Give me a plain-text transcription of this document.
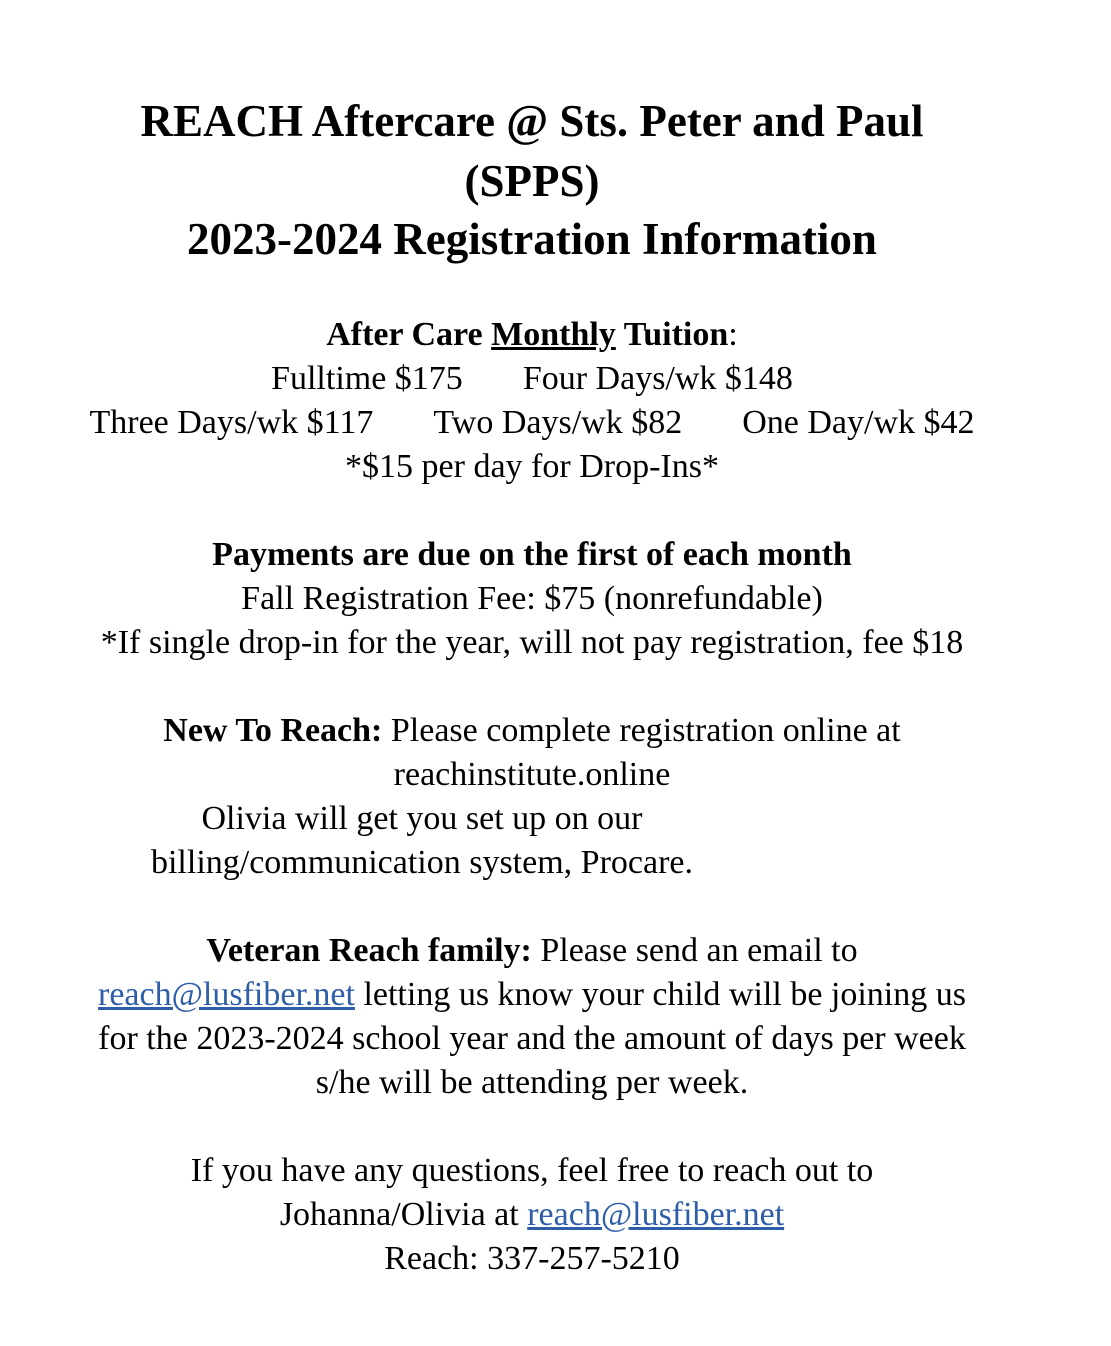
REACH Aftercare @ Sts. Peter and Paul
(SPPS)
2023-2024 Registration Information
After Care Monthly Tuition:
Fulltime $175 Four Days/wk $148
Three Days/wk $117 Two Days/wk $82 One Day/wk $42
*$15 per day for Drop-Ins*
Payments are due on the first of each month
Fall Registration Fee: $75 (nonrefundable)
*If single drop-in for the year, will not pay registration, fee $18
New To Reach: Please complete registration online at
reachinstitute.online
Olivia will get you set up on our
billing/communication system, Procare.
Veteran Reach family: Please send an email to
reach@lusfiber.net letting us know your child will be joining us
for the 2023-2024 school year and the amount of days per week
s/he will be attending per week.
If you have any questions, feel free to reach out to
Johanna/Olivia at reach@lusfiber.net
Reach: 337-257-5210
